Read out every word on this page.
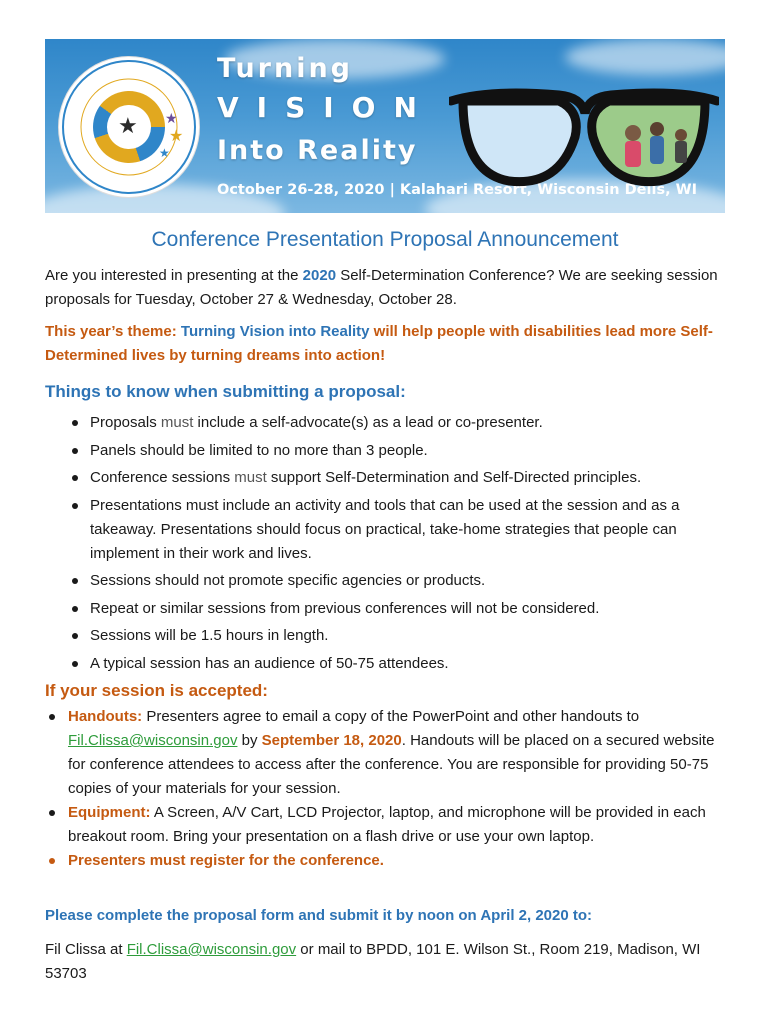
★ ★
★
★
Turning
VISION
Into Reality
October 26-28, 2020 | Kalahari Resort, Wisconsin Dells, WI
Conference Presentation Proposal Announcement

Are you interested in presenting at the 2020 Self-Determination Conference? We are seeking session proposals for Tuesday, October 27 & Wednesday, October 28.

This year’s theme: Turning Vision into Reality will help people with disabilities lead more Self-Determined lives by turning dreams into action!

Things to know when submitting a proposal:
Proposals must include a self-advocate(s) as a lead or co-presenter.
Panels should be limited to no more than 3 people.
Conference sessions must support Self-Determination and Self-Directed principles.
Presentations must include an activity and tools that can be used at the session and as a takeaway. Presentations should focus on practical, take-home strategies that people can implement in their work and lives.
Sessions should not promote specific agencies or products.
Repeat or similar sessions from previous conferences will not be considered.
Sessions will be 1.5 hours in length.
A typical session has an audience of 50-75 attendees.
If your session is accepted:
Handouts: Presenters agree to email a copy of the PowerPoint and other handouts to Fil.Clissa@wisconsin.gov by September 18, 2020. Handouts will be placed on a secured website for conference attendees to access after the conference. You are responsible for providing 50-75 copies of your materials for your session.
Equipment: A Screen, A/V Cart, LCD Projector, laptop, and microphone will be provided in each breakout room. Bring your presentation on a flash drive or use your own laptop.
Presenters must register for the conference.

Please complete the proposal form and submit it by noon on April 2, 2020 to:

Fil Clissa at Fil.Clissa@wisconsin.gov or mail to BPDD, 101 E. Wilson St., Room 219, Madison, WI 53703
